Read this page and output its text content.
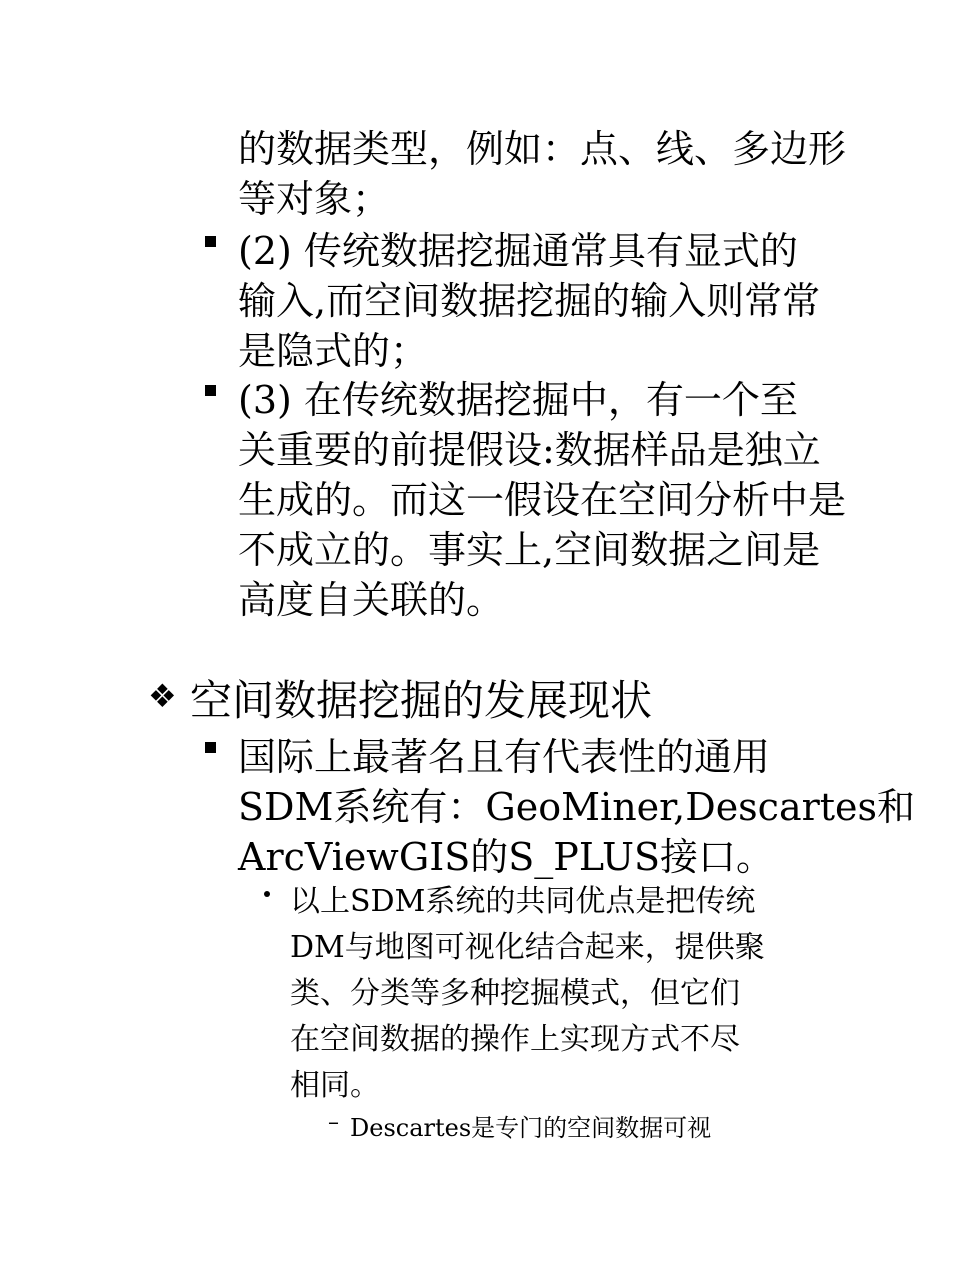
的数据类型，例如：点、线、多边形
等对象；
(2) 传统数据挖掘通常具有显式的
输入,而空间数据挖掘的输入则常常
是隐式的；
(3) 在传统数据挖掘中，有一个至
关重要的前提假设:数据样品是独立
生成的。而这一假设在空间分析中是
不成立的。事实上,空间数据之间是
高度自关联的。
❖ 空间数据挖掘的发展现状
国际上最著名且有代表性的通用
SDM系统有：GeoMiner,Descartes和
ArcViewGIS的S_PLUS接口。
以上SDM系统的共同优点是把传统
DM与地图可视化结合起来，提供聚
类、分类等多种挖掘模式，但它们
在空间数据的操作上实现方式不尽
相同。
– Descartes是专门的空间数据可视
